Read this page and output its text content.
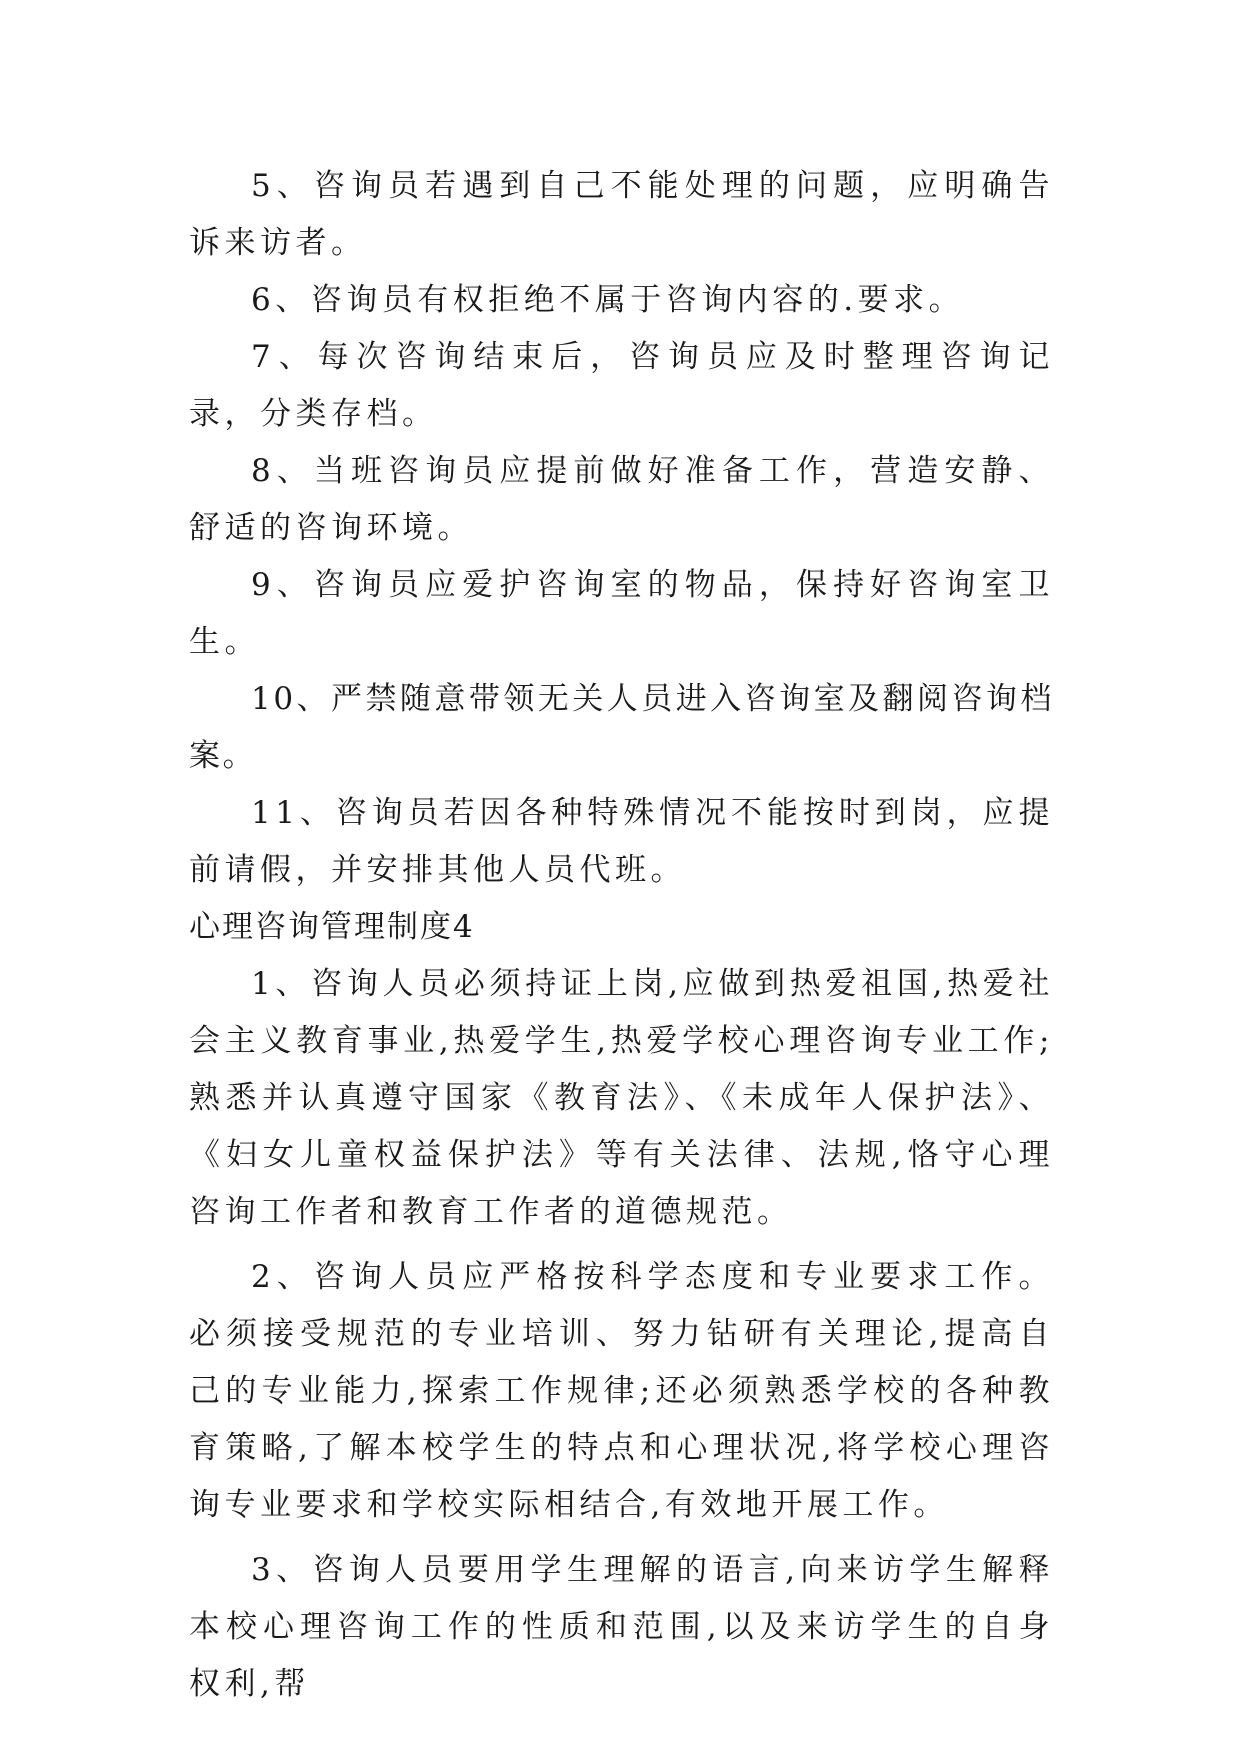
5、咨询员若遇到自己不能处理的问题，应明确告诉来访者。

6、咨询员有权拒绝不属于咨询内容的.要求。

7、每次咨询结束后，咨询员应及时整理咨询记录，分类存档。

8、当班咨询员应提前做好准备工作，营造安静、舒适的咨询环境。

9、咨询员应爱护咨询室的物品，保持好咨询室卫生。

10、严禁随意带领无关人员进入咨询室及翻阅咨询档案。

11、咨询员若因各种特殊情况不能按时到岗，应提前请假，并安排其他人员代班。

心理咨询管理制度4

1、咨询人员必须持证上岗,应做到热爱祖国,热爱社会主义教育事业,热爱学生,热爱学校心理咨询专业工作;熟悉并认真遵守国家《教育法》、《未成年人保护法》、《妇女儿童权益保护法》等有关法律、法规,恪守心理咨询工作者和教育工作者的道德规范。

2、咨询人员应严格按科学态度和专业要求工作。必须接受规范的专业培训、努力钻研有关理论,提高自己的专业能力,探索工作规律;还必须熟悉学校的各种教育策略,了解本校学生的特点和心理状况,将学校心理咨询专业要求和学校实际相结合,有效地开展工作。

3、咨询人员要用学生理解的语言,向来访学生解释本校心理咨询工作的性质和范围,以及来访学生的自身权利,帮
